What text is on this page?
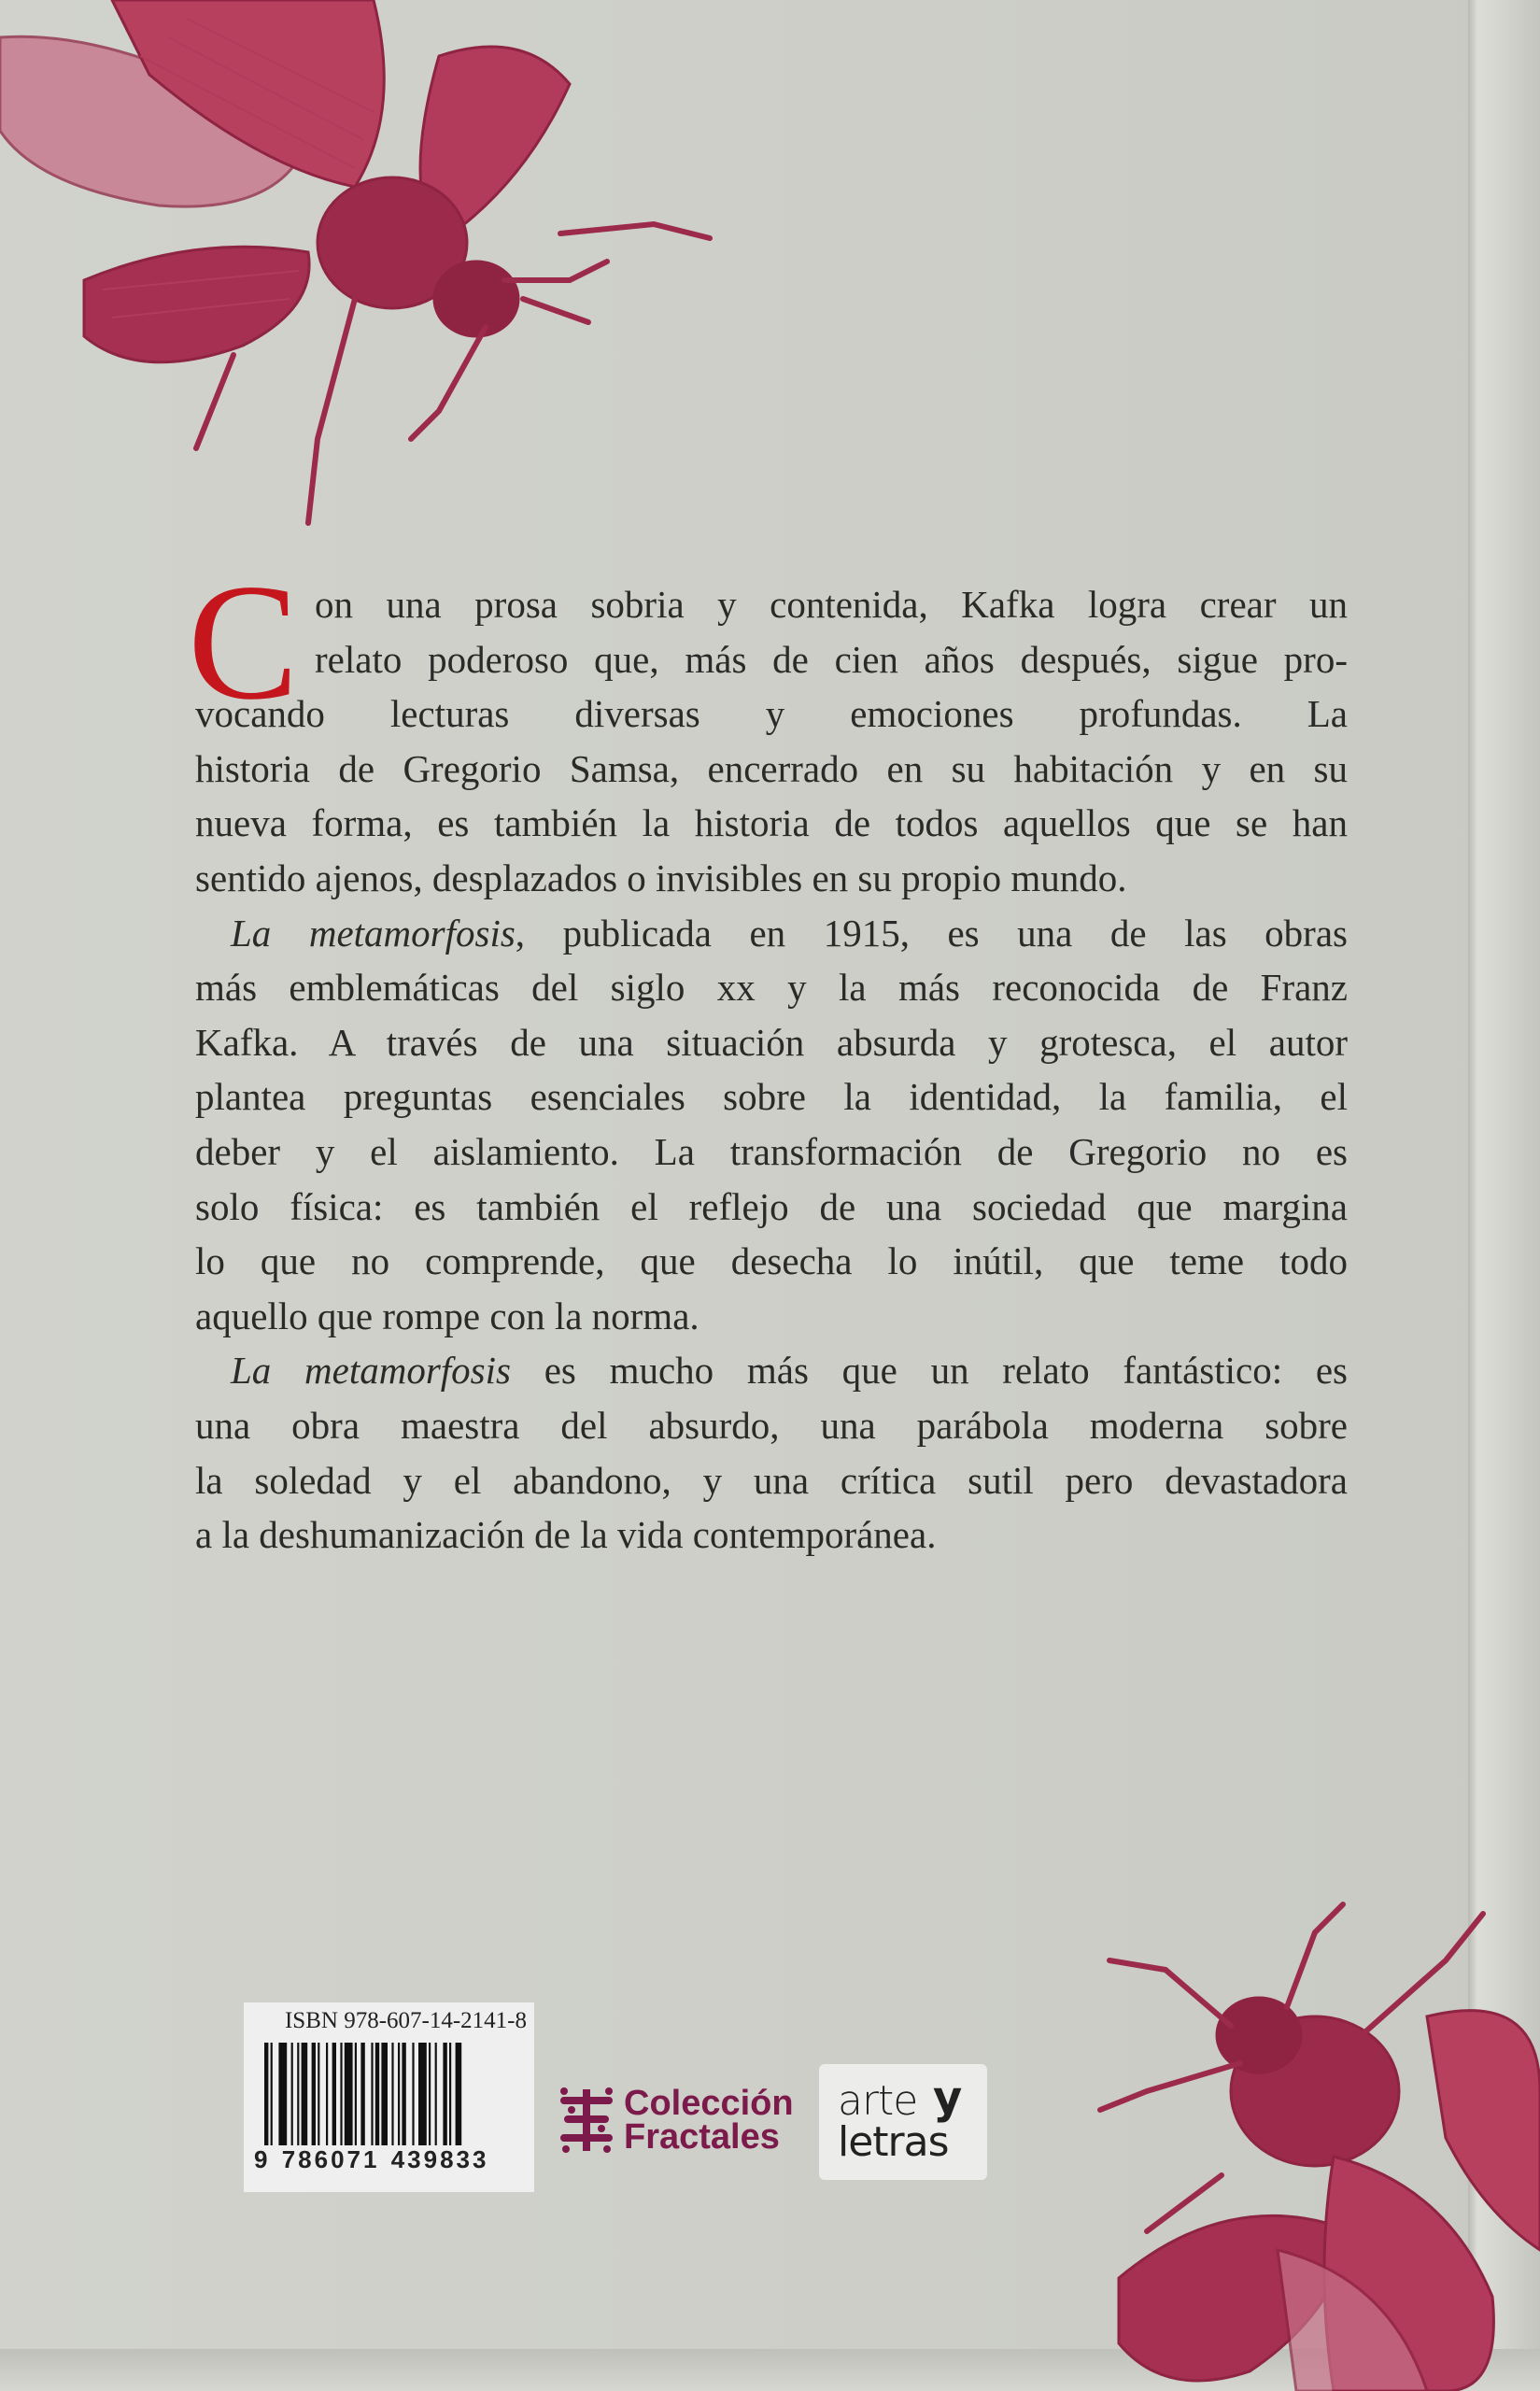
C on una prosa sobria y contenida, Kafka logra crear un
relato poderoso que, más de cien años después, sigue pro-
vocando lecturas diversas y emociones profundas. La
historia de Gregorio Samsa, encerrado en su habitación y en su
nueva forma, es también la historia de todos aquellos que se han
sentido ajenos, desplazados o invisibles en su propio mundo.
La metamorfosis, publicada en 1915, es una de las obras
más emblemáticas del siglo xx y la más reconocida de Franz
Kafka. A través de una situación absurda y grotesca, el autor
plantea preguntas esenciales sobre la identidad, la familia, el
deber y el aislamiento. La transformación de Gregorio no es
solo física: es también el reflejo de una sociedad que margina
lo que no comprende, que desecha lo inútil, que teme todo
aquello que rompe con la norma.
La metamorfosis es mucho más que un relato fantástico: es
una obra maestra del absurdo, una parábola moderna sobre
la soledad y el abandono, y una crítica sutil pero devastadora
a la deshumanización de la vida contemporánea.
ISBN 978-607-14-2141-8
9 786071 439833
Colección
Fractales
arte y
letras
